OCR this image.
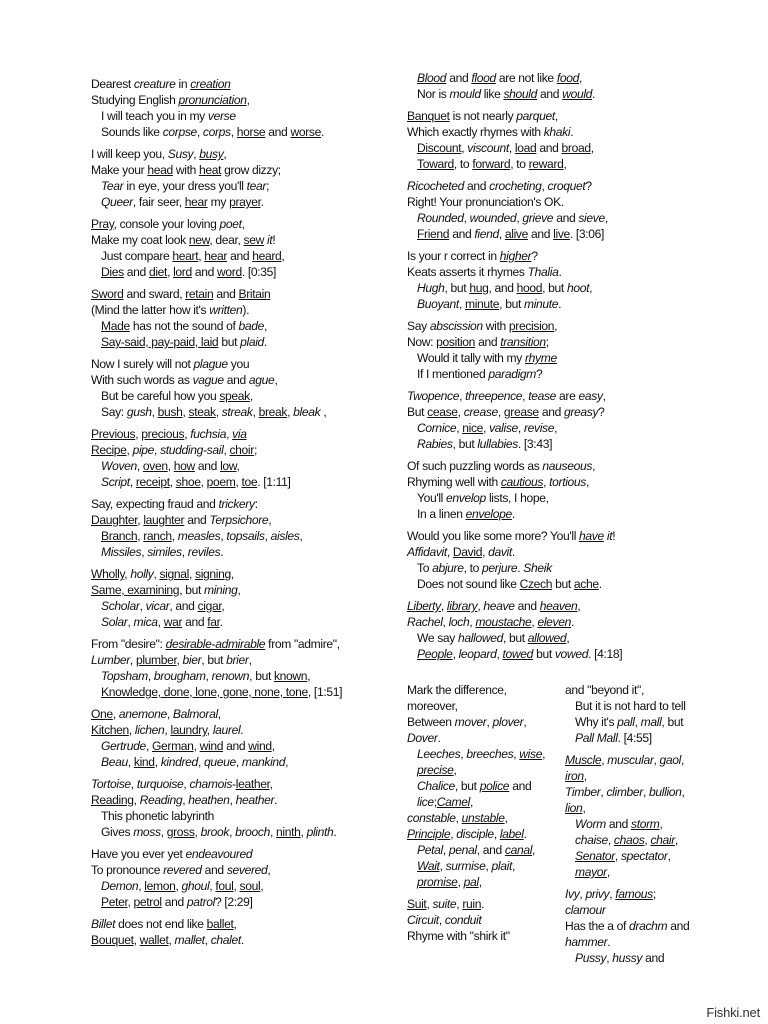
Dearest creature in creation
Studying English pronunciation,
I will teach you in my verse
Sounds like corpse, corps, horse and worse.
I will keep you, Susy, busy,
Make your head with heat grow dizzy;
Tear in eye, your dress you'll tear;
Queer, fair seer, hear my prayer.
Pray, console your loving poet,
Make my coat look new, dear, sew it!
Just compare heart, hear and heard,
Dies and diet, lord and word. [0:35]
Sword and sward, retain and Britain
(Mind the latter how it's written).
Made has not the sound of bade,
Say-said, pay-paid, laid but plaid.
Now I surely will not plague you
With such words as vague and ague,
But be careful how you speak,
Say: gush, bush, steak, streak, break, bleak ,
Previous, precious, fuchsia, via
Recipe, pipe, studding-sail, choir;
Woven, oven, how and low,
Script, receipt, shoe, poem, toe. [1:11]
Say, expecting fraud and trickery:
Daughter, laughter and Terpsichore,
Branch, ranch, measles, topsails, aisles,
Missiles, similes, reviles.
Wholly, holly, signal, signing,
Same, examining, but mining,
Scholar, vicar, and cigar,
Solar, mica, war and far.
From "desire": desirable-admirable from "admire",
Lumber, plumber, bier, but brier,
Topsham, brougham, renown, but known,
Knowledge, done, lone, gone, none, tone, [1:51]
One, anemone, Balmoral,
Kitchen, lichen, laundry, laurel.
Gertrude, German, wind and wind,
Beau, kind, kindred, queue, mankind,
Tortoise, turquoise, chamois-leather,
Reading, Reading, heathen, heather.
This phonetic labyrinth
Gives moss, gross, brook, brooch, ninth, plinth.
Have you ever yet endeavoured
To pronounce revered and severed,
Demon, lemon, ghoul, foul, soul,
Peter, petrol and patrol? [2:29]
Billet does not end like ballet,
Bouquet, wallet, mallet, chalet.
Blood and flood are not like food,
Nor is mould like should and would.
Banquet is not nearly parquet,
Which exactly rhymes with khaki.
Discount, viscount, load and broad,
Toward, to forward, to reward,
Ricocheted and crocheting, croquet?
Right! Your pronunciation's OK.
Rounded, wounded, grieve and sieve,
Friend and fiend, alive and live. [3:06]
Is your r correct in higher?
Keats asserts it rhymes Thalia.
Hugh, but hug, and hood, but hoot,
Buoyant, minute, but minute.
Say abscission with precision,
Now: position and transition;
Would it tally with my rhyme
If I mentioned paradigm?
Twopence, threepence, tease are easy,
But cease, crease, grease and greasy?
Cornice, nice, valise, revise,
Rabies, but lullabies. [3:43]
Of such puzzling words as nauseous,
Rhyming well with cautious, tortious,
You'll envelop lists, I hope,
In a linen envelope.
Would you like some more? You'll have it!
Affidavit, David, davit.
To abjure, to perjure. Sheik
Does not sound like Czech but ache.
Liberty, library, heave and heaven,
Rachel, loch, moustache, eleven.
We say hallowed, but allowed,
People, leopard, towed but vowed. [4:18]
Mark the difference, moreover,
Between mover, plover, Dover.
Leeches, breeches, wise, precise,
Chalice, but police and lice;Camel,
constable, unstable, Principle, disciple, label.
Petal, penal, and canal,
Wait, surmise, plait, promise, pal,
Suit, suite, ruin.
Circuit, conduit
Rhyme with "shirk it"
and "beyond it",
But it is not hard to tell
Why it's pall, mall, but Pall Mall. [4:55]
Muscle, muscular, gaol, iron,
Timber, climber, bullion, lion,
Worm and storm, chaise, chaos, chair,
Senator, spectator, mayor,
Ivy, privy, famous; clamour
Has the a of drachm and hammer.
Pussy, hussy and
Fishki.net
